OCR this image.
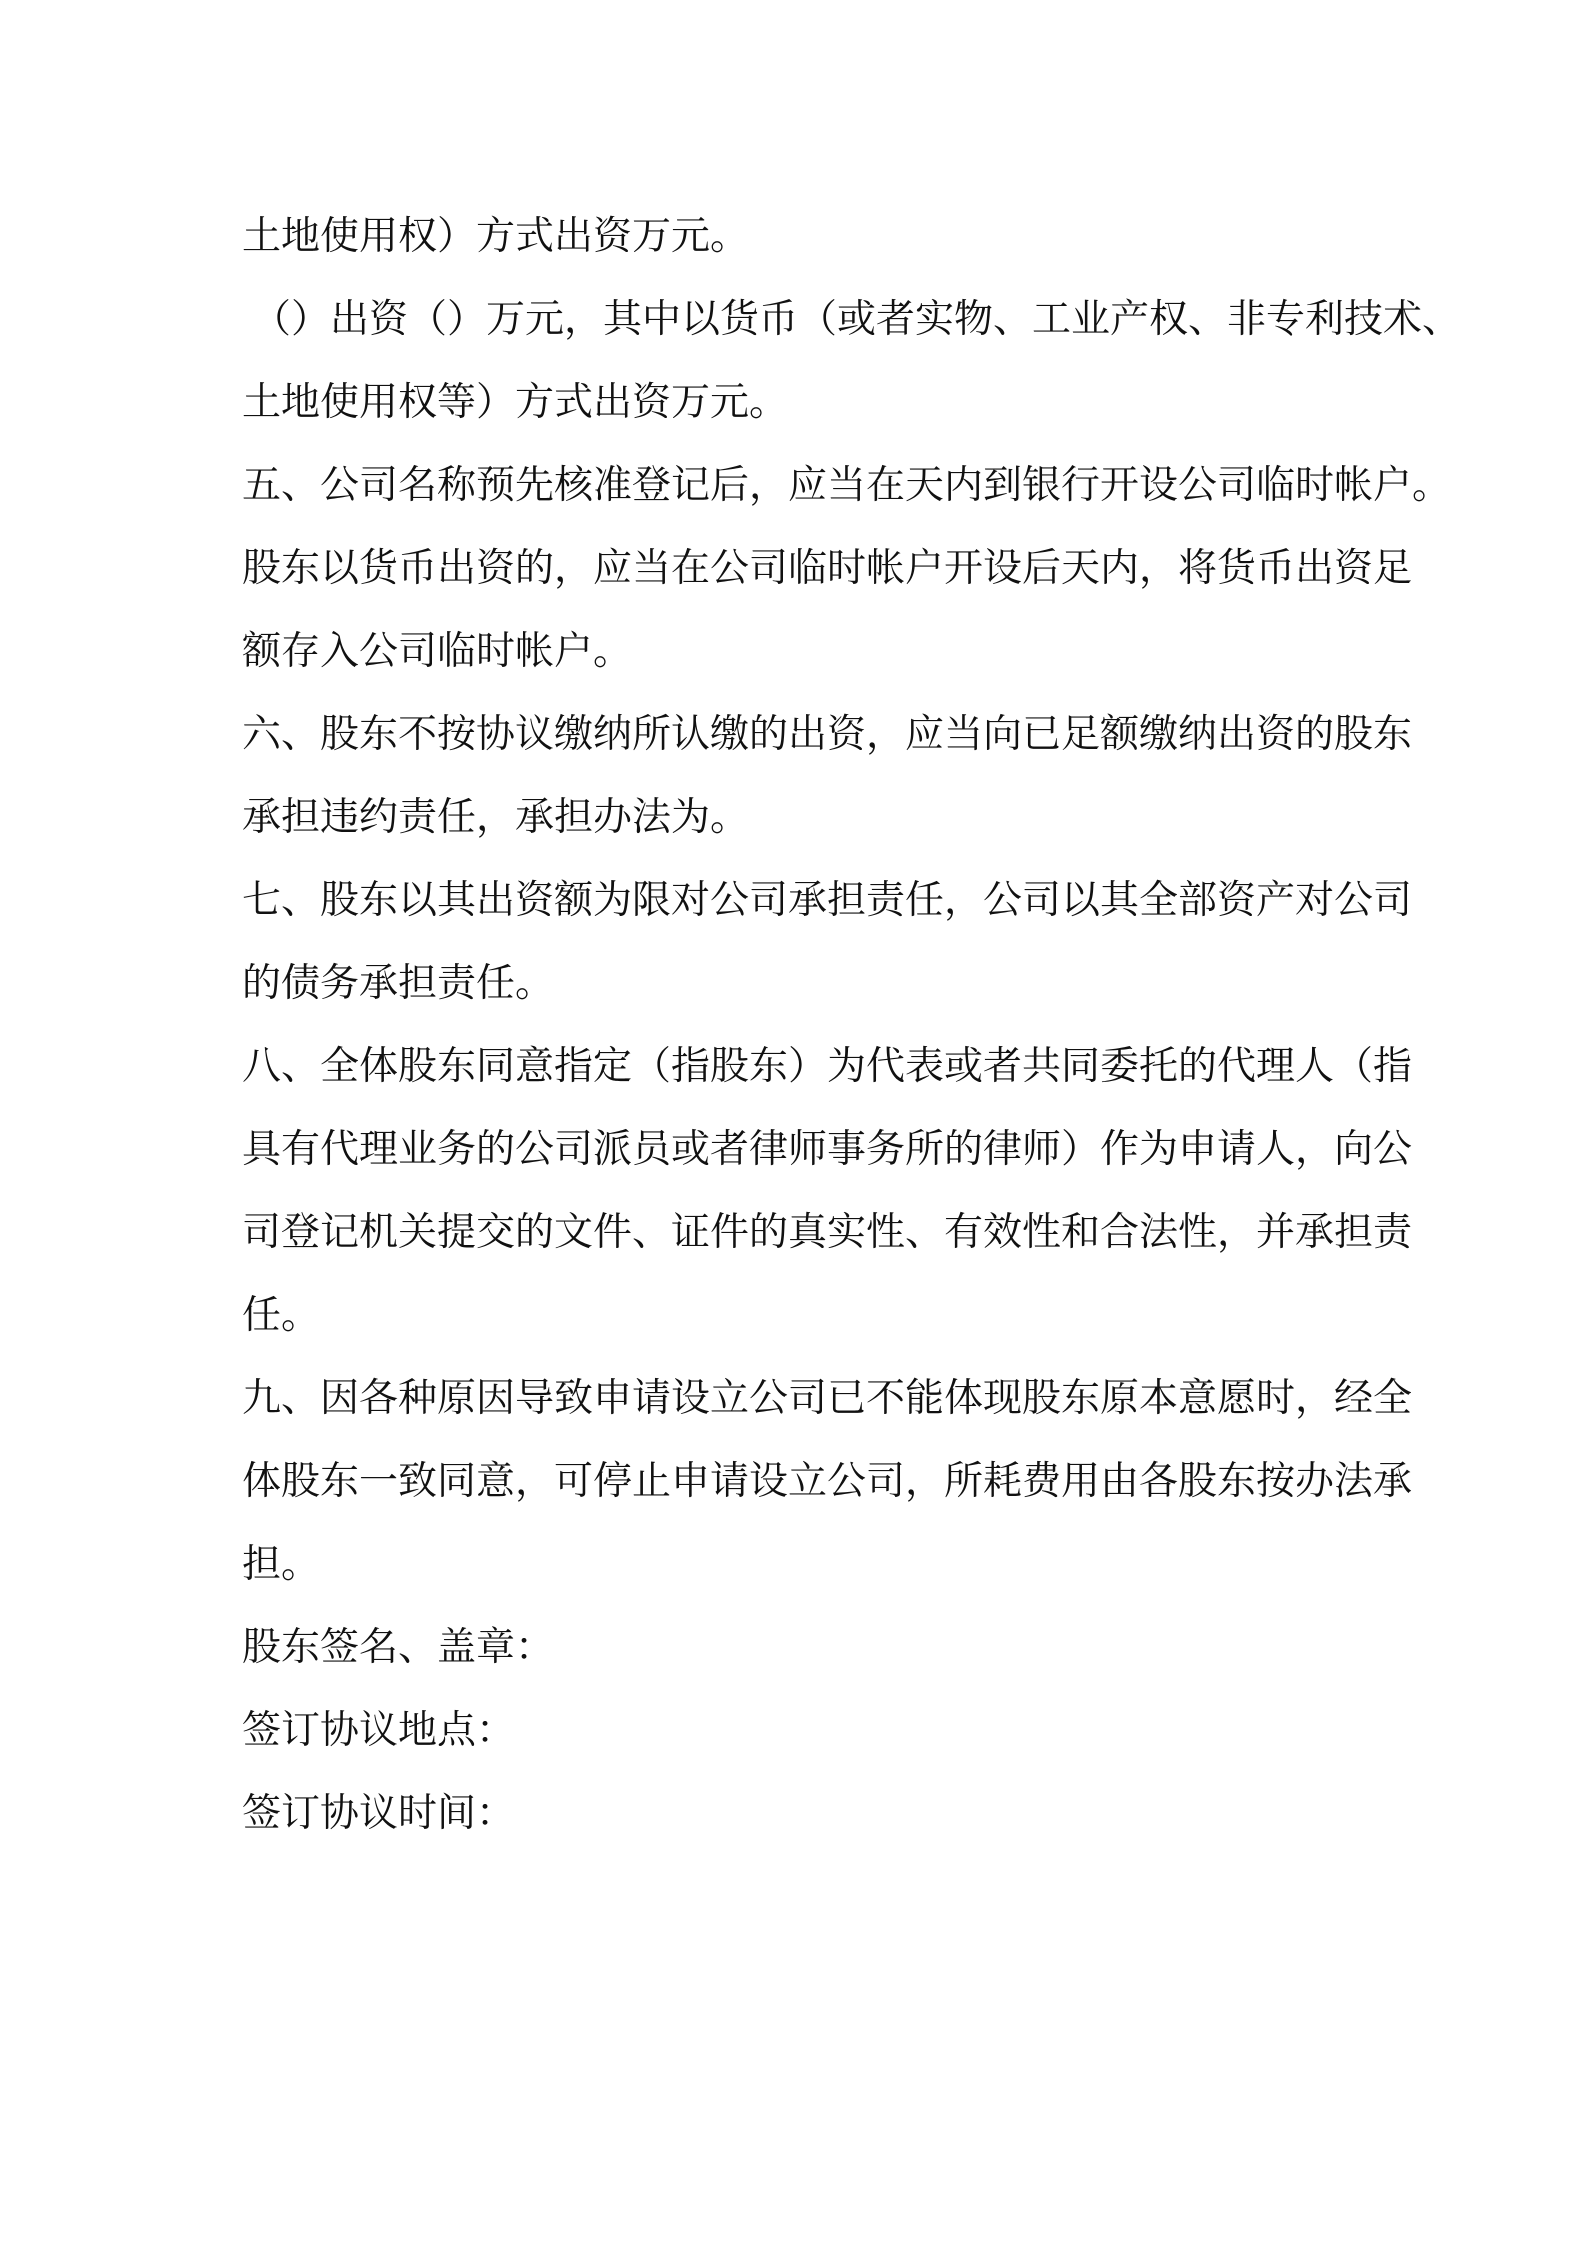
土地使用权）方式出资万元。
（）出资（）万元，其中以货币（或者实物、工业产权、非专利技术、
土地使用权等）方式出资万元。
五、公司名称预先核准登记后，应当在天内到银行开设公司临时帐户。
股东以货币出资的，应当在公司临时帐户开设后天内，将货币出资足
额存入公司临时帐户。
六、股东不按协议缴纳所认缴的出资，应当向已足额缴纳出资的股东
承担违约责任，承担办法为。
七、股东以其出资额为限对公司承担责任，公司以其全部资产对公司
的债务承担责任。
八、全体股东同意指定（指股东）为代表或者共同委托的代理人（指
具有代理业务的公司派员或者律师事务所的律师）作为申请人，向公
司登记机关提交的文件、证件的真实性、有效性和合法性，并承担责
任。
九、因各种原因导致申请设立公司已不能体现股东原本意愿时，经全
体股东一致同意，可停止申请设立公司，所耗费用由各股东按办法承
担。
股东签名、盖章：
签订协议地点：
签订协议时间：
